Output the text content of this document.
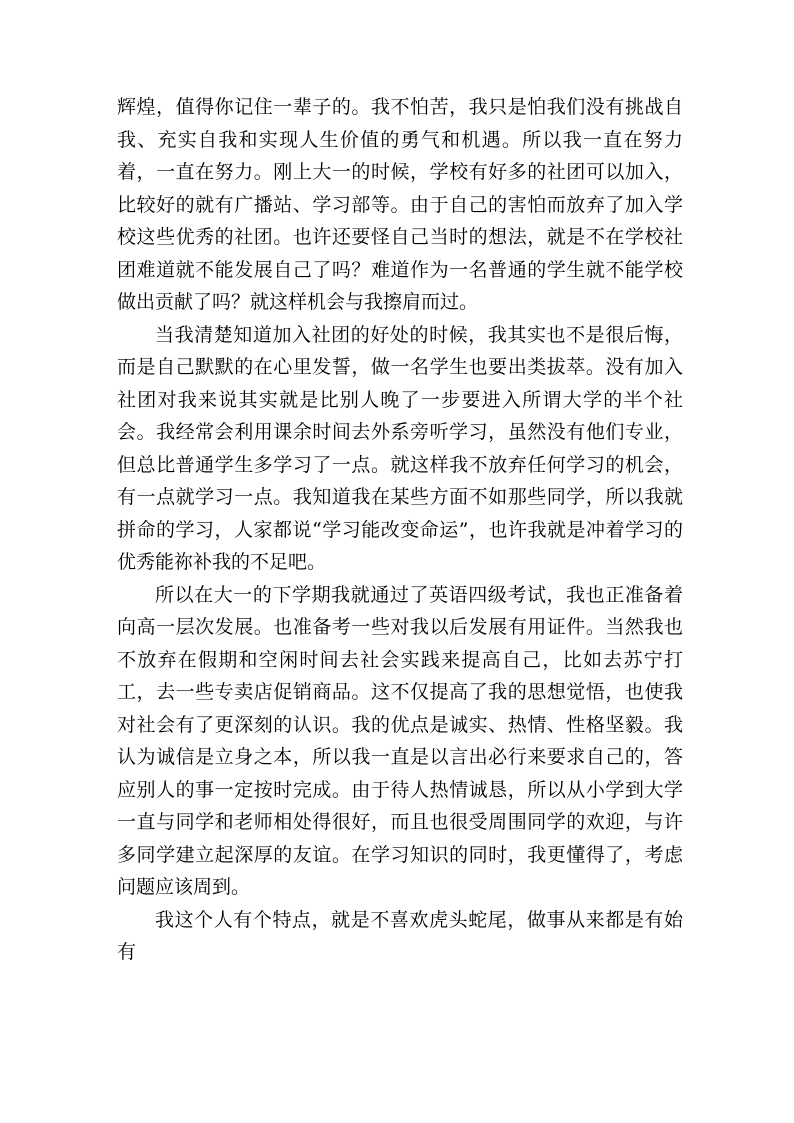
辉煌，值得你记住一辈子的。我不怕苦，我只是怕我们没有挑战自我、充实自我和实现人生价值的勇气和机遇。所以我一直在努力着，一直在努力。刚上大一的时候，学校有好多的社团可以加入，比较好的就有广播站、学习部等。由于自己的害怕而放弃了加入学校这些优秀的社团。也许还要怪自己当时的想法，就是不在学校社团难道就不能发展自己了吗？难道作为一名普通的学生就不能学校做出贡献了吗？就这样机会与我擦肩而过。

当我清楚知道加入社团的好处的时候，我其实也不是很后悔，而是自己默默的在心里发誓，做一名学生也要出类拔萃。没有加入社团对我来说其实就是比别人晚了一步要进入所谓大学的半个社会。我经常会利用课余时间去外系旁听学习，虽然没有他们专业，但总比普通学生多学习了一点。就这样我不放弃任何学习的机会，有一点就学习一点。我知道我在某些方面不如那些同学，所以我就拼命的学习，人家都说“学习能改变命运”，也许我就是冲着学习的优秀能祢补我的不足吧。

所以在大一的下学期我就通过了英语四级考试，我也正准备着向高一层次发展。也准备考一些对我以后发展有用证件。当然我也不放弃在假期和空闲时间去社会实践来提高自己，比如去苏宁打工，去一些专卖店促销商品。这不仅提高了我的思想觉悟，也使我对社会有了更深刻的认识。我的优点是诚实、热情、性格坚毅。我认为诚信是立身之本，所以我一直是以言出必行来要求自己的，答应别人的事一定按时完成。由于待人热情诚恳，所以从小学到大学一直与同学和老师相处得很好，而且也很受周围同学的欢迎，与许多同学建立起深厚的友谊。在学习知识的同时，我更懂得了，考虑问题应该周到。

我这个人有个特点，就是不喜欢虎头蛇尾，做事从来都是有始有
